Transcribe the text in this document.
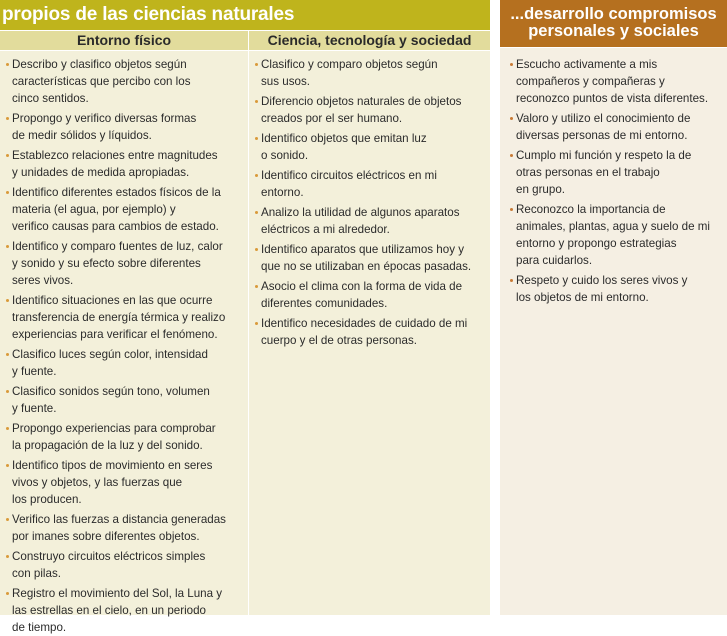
propios de las ciencias naturales
Entorno físico	Ciencia, tecnología y sociedad
Describo y clasifico objetos según
características que percibo con los
cinco sentidos.
Propongo y verifico diversas formas
de medir sólidos y líquidos.
Establezco relaciones entre magnitudes
y unidades de medida apropiadas.
Identifico diferentes estados físicos de la
materia (el agua, por ejemplo) y
verifico causas para cambios de estado.
Identifico y comparo fuentes de luz, calor
y sonido y su efecto sobre diferentes
seres vivos.
Identifico situaciones en las que ocurre
transferencia de energía térmica y realizo
experiencias para verificar el fenómeno.
Clasifico luces según color, intensidad
y fuente.
Clasifico sonidos según tono, volumen
y fuente.
Propongo experiencias para comprobar
la propagación de la luz y del sonido.
Identifico tipos de movimiento en seres
vivos y objetos, y las fuerzas que
los producen.
Verifico las fuerzas a distancia generadas
por imanes sobre diferentes objetos.
Construyo circuitos eléctricos simples
con pilas.
Registro el movimiento del Sol, la Luna y
las estrellas en el cielo, en un periodo
de tiempo.
Clasifico y comparo objetos según
sus usos.
Diferencio objetos naturales de objetos
creados por el ser humano.
Identifico objetos que emitan luz
o sonido.
Identifico circuitos eléctricos en mi
entorno.
Analizo la utilidad de algunos aparatos
eléctricos a mi alrededor.
Identifico aparatos que utilizamos hoy y
que no se utilizaban en épocas pasadas.
Asocio el clima con la forma de vida de
diferentes comunidades.
Identifico necesidades de cuidado de mi
cuerpo y el de otras personas.
...desarrollo compromisos
personales y sociales
Escucho activamente a mis
compañeros y compañeras y
reconozco puntos de vista diferentes.
Valoro y utilizo el conocimiento de
diversas personas de mi entorno.
Cumplo mi función y respeto la de
otras personas en el trabajo
en grupo.
Reconozco la importancia de
animales, plantas, agua y suelo de mi
entorno y propongo estrategias
para cuidarlos.
Respeto y cuido los seres vivos y
los objetos de mi entorno.
